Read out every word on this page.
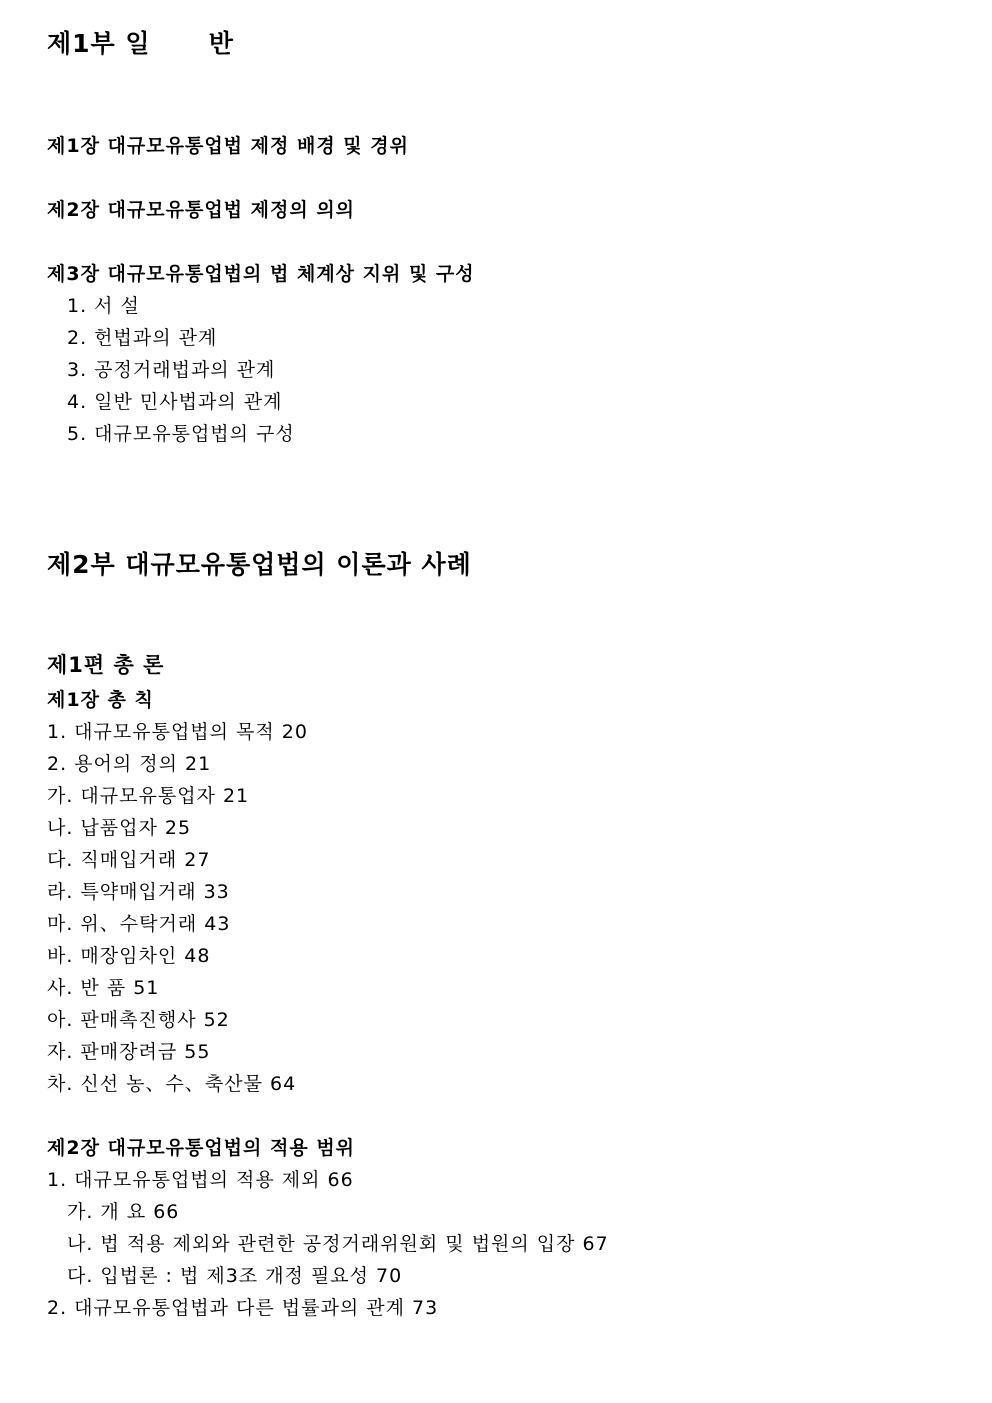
제1부 일      반
제1장 대규모유통업법 제정 배경 및 경위
제2장 대규모유통업법 제정의 의의
제3장 대규모유통업법의 법 체계상 지위 및 구성
1. 서 설
2. 헌법과의 관계
3. 공정거래법과의 관계
4. 일반 민사법과의 관계
5. 대규모유통업법의 구성
제2부 대규모유통업법의 이론과 사례
제1편 총 론
제1장 총 칙
1. 대규모유통업법의 목적 20
2. 용어의 정의 21
가. 대규모유통업자 21
나. 납품업자 25
다. 직매입거래 27
라. 특약매입거래 33
마. 위、수탁거래 43
바. 매장임차인 48
사. 반 품 51
아. 판매촉진행사 52
자. 판매장려금 55
차. 신선 농、수、축산물 64
제2장 대규모유통업법의 적용 범위
1. 대규모유통업법의 적용 제외 66
가. 개 요 66
나. 법 적용 제외와 관련한 공정거래위원회 및 법원의 입장 67
다. 입법론 : 법 제3조 개정 필요성 70
2. 대규모유통업법과 다른 법률과의 관계 73
